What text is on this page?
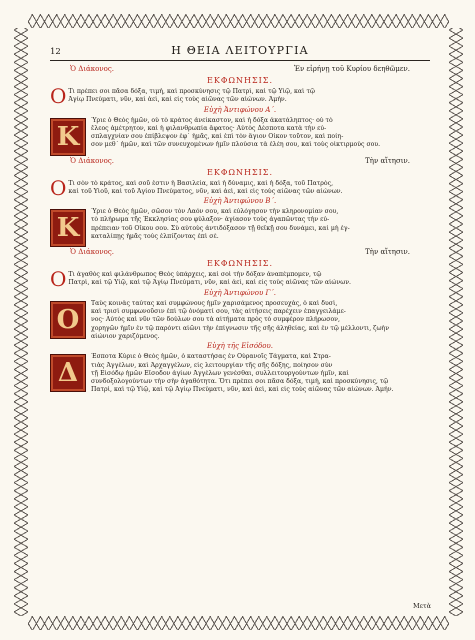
12	Η ΘΕΙΑ ΛΕΙΤΟΥΡΓΙΑ
Ὁ Διάκονος.	Ἐν εἰρήνῃ τοῦ Κυρίου δεηθῶμεν.
ΕΚΦΩΝΗΣΙΣ.
O Τι πρέπει σοι πᾶσα δόξα, τιμή, καὶ προσκύνησις τῷ Πατρὶ, καὶ τῷ Υἱῷ, καὶ τῷ
Ἁγίῳ Πνεύματι, νῦν, καὶ ἀεὶ, καὶ εἰς τοὺς αἰῶνας τῶν αἰώνων. Ἀμήν.
Εὐχὴ Ἀντιφώνου Α΄.
K
Ύριε ὁ Θεὸς ἡμῶν, οὗ τὸ κράτος ἀνείκαστον, καὶ ἡ δόξα ἀκατάληπτος· οὗ τὸ
ἔλεος ἀμέτρητον, καὶ ἡ φιλανθρωπία ἄφατος· Αὐτὸς Δέσποτα κατὰ τὴν εὐ-
σπλαγχνίαν σου ἐπίβλεψον ἐφ᾿ ἡμᾶς, καὶ ἐπὶ τὸν ἅγιον Οἶκον τοῦτον, καὶ ποίη-
σον μεθ᾿ ἡμῶν, καὶ τῶν συνευχομένων ἡμῖν πλούσια τὰ ἐλέη σου, καὶ τοὺς οἰκτιρμούς σου.
Ὁ Διάκονος.	Τὴν αἴτησιν.
ΕΚΦΩΝΗΣΙΣ.
O Τι σὸν τὸ κράτος, καὶ σοῦ ἐστιν ἡ Βασιλεία, καὶ ἡ δύναμις, καὶ ἡ δόξα, τοῦ Πατρὸς,
καὶ τοῦ Υἱοῦ, καὶ τοῦ Ἁγίου Πνεύματος, νῦν, καὶ ἀεὶ, καὶ εἰς τοὺς αἰῶνας τῶν αἰώνων.
Εὐχὴ Ἀντιφώνου Β΄.
K
Ύριε ὁ Θεὸς ἡμῶν, σῶσον τὸν Λαόν σου, καὶ εὐλόγησον τὴν κληρονομίαν σου,
τὸ πλήρωμα τῆς Ἐκκλησίας σου φύλαξον· ἁγίασον τοὺς ἀγαπῶντας τὴν εὐ-
πρέπειαν τοῦ Οἴκου σου. Σὺ αὐτοὺς ἀντιδόξασον τῇ θεϊκῇ σου δυνάμει, καὶ μὴ ἐγ-
καταλίπῃς ἡμᾶς τοὺς ἐλπίζοντας ἐπὶ σέ.
Ὁ Διάκονος.	Τὴν αἴτησιν.
ΕΚΦΩΝΗΣΙΣ.
O Τι ἀγαθὸς καὶ φιλάνθρωπος Θεὸς ὑπάρχεις, καὶ σοὶ τὴν δόξαν ἀναπέμπομεν, τῷ
Πατρὶ, καὶ τῷ Υἱῷ, καὶ τῷ Ἁγίῳ Πνεύματι, νῦν, καὶ ἀεὶ, καὶ εἰς τοὺς αἰῶνας τῶν αἰώνων.
Εὐχὴ Ἀντιφώνου Γ΄.
O
Ταὺς κοινὰς ταύτας καὶ συμφώνους ἡμῖν χαρισάμενος προσευχὰς, ὁ καὶ δυσὶ,
καὶ τρισὶ συμφωνοῦσιν ἐπὶ τῷ ὀνόματί σου, τὰς αἰτήσεις παρέχειν ἐπαγγειλάμε-
νος· Αὐτὸς καὶ νῦν τῶν δούλων σου τὰ αἰτήματα πρὸς τὸ συμφέρον πλήρωσον,
χορηγῶν ἡμῖν ἐν τῷ παρόντι αἰῶνι τὴν ἐπίγνωσιν τῆς σῆς ἀληθείας, καὶ ἐν τῷ μέλλοντι, ζωὴν
αἰώνιον χαριζόμενος.
Εὐχὴ τῆς Εἰσόδου.
Δ
Έσποτα Κύριε ὁ Θεὸς ἡμῶν, ὁ καταστήσας ἐν Οὐρανοῖς Τάγματα, καὶ Στρα-
τιὰς Ἀγγέλων, καὶ Ἀρχαγγέλων, εἰς λειτουργίαν τῆς σῆς δόξης, ποίησον σὺν
τῇ Εἰσόδῳ ἡμῶν Εἴσοδον ἁγίων Ἀγγέλων γενέσθαι, συλλειτουργούντων ἡμῖν, καὶ
συνδοξολογούντων τὴν σὴν ἀγαθότητα. Ὅτι πρέπει σοι πᾶσα δόξα, τιμὴ, καὶ προσκύνησις, τῷ
Πατρὶ, καὶ τῷ Υἱῷ, καὶ τῷ Ἁγίῳ Πνεύματι, νῦν, καὶ ἀεὶ, καὶ εἰς τοὺς αἰῶνας τῶν αἰώνων. Ἀμήν.
Μετὰ
